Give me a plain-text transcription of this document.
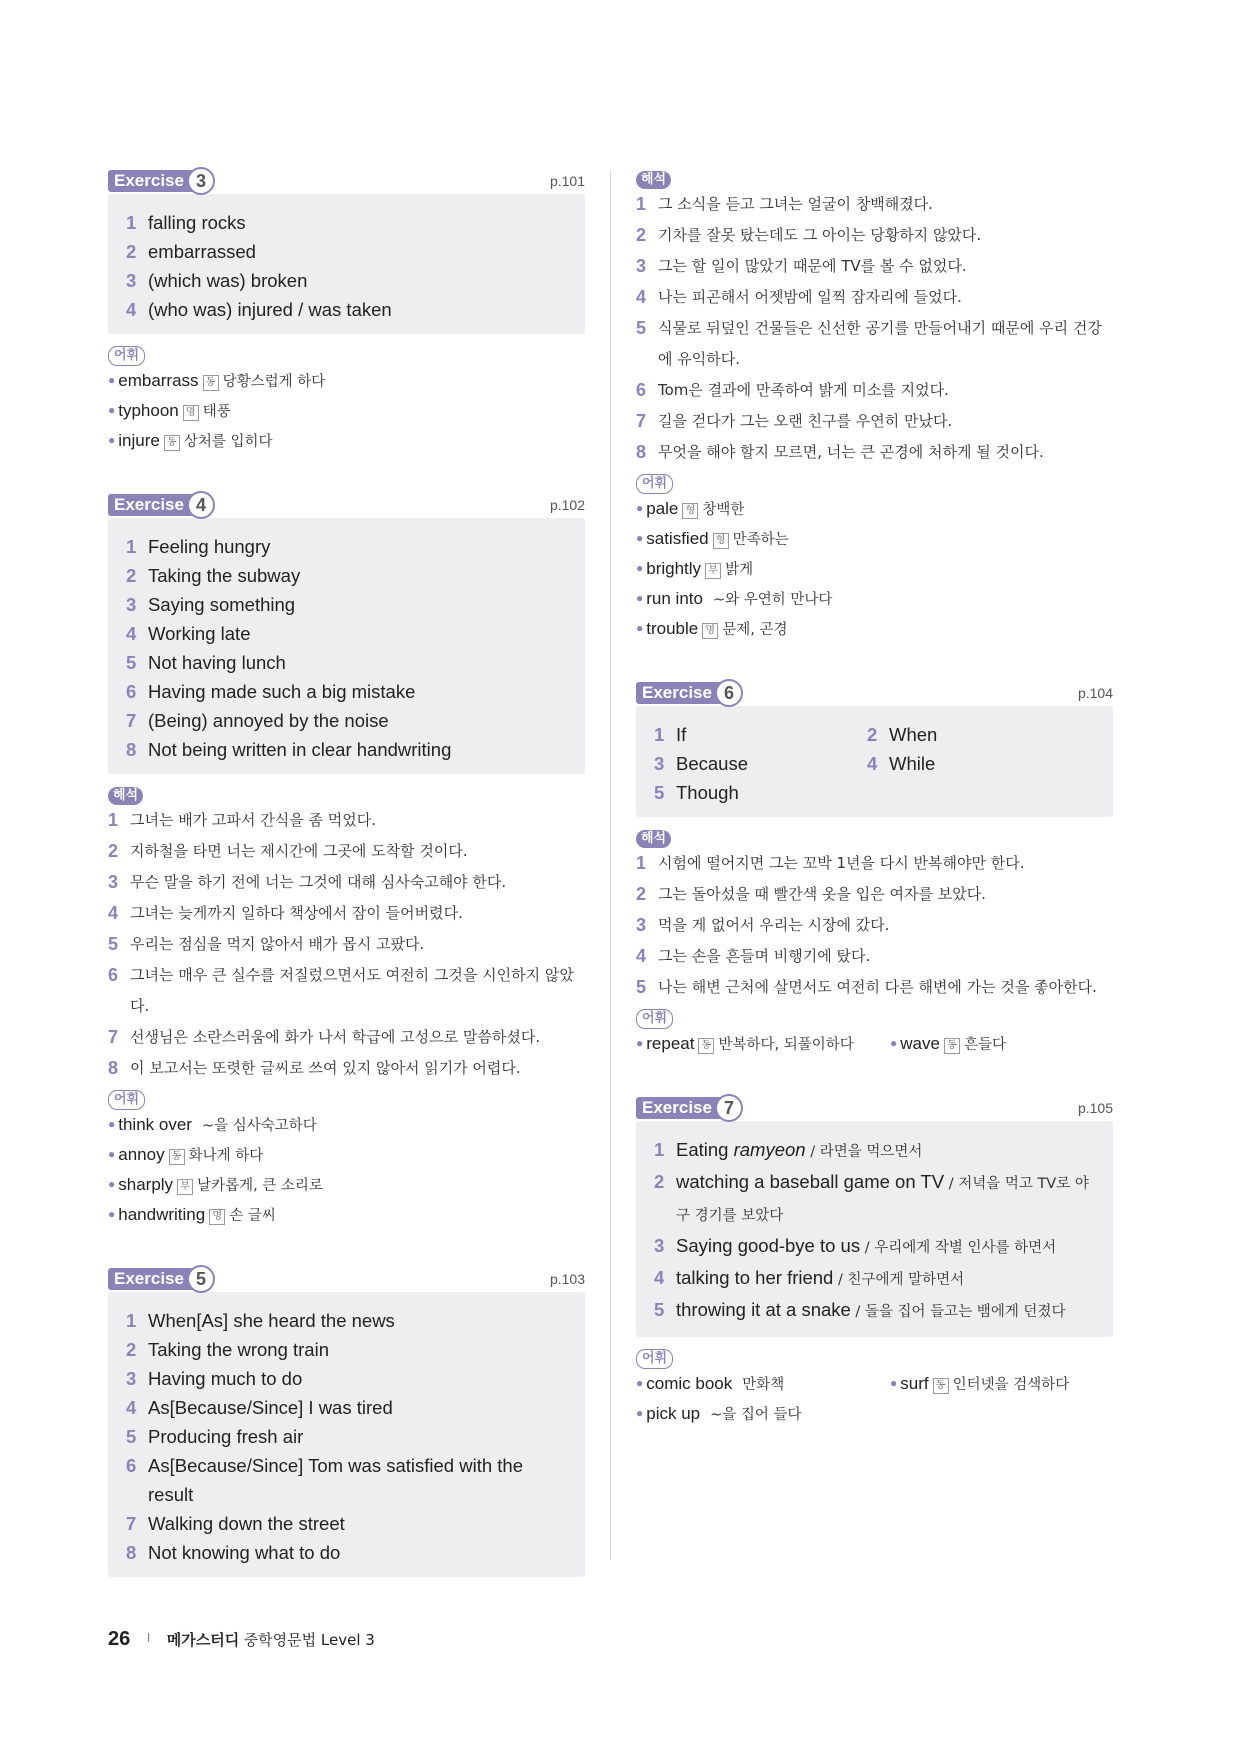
Exercise 3	p.101
1 falling rocks
2 embarrassed
3 (which was) broken
4 (who was) injured / was taken
어휘
● embarrass 동 당황스럽게 하다
● typhoon 명 태풍
● injure 동 상처를 입히다
Exercise 4	p.102
1 Feeling hungry
2 Taking the subway
3 Saying something
4 Working late
5 Not having lunch
6 Having made such a big mistake
7 (Being) annoyed by the noise
8 Not being written in clear handwriting
해석
1 그녀는 배가 고파서 간식을 좀 먹었다.
2 지하철을 타면 너는 제시간에 그곳에 도착할 것이다.
3 무슨 말을 하기 전에 너는 그것에 대해 심사숙고해야 한다.
4 그녀는 늦게까지 일하다 책상에서 잠이 들어버렸다.
5 우리는 점심을 먹지 않아서 배가 몹시 고팠다.
6 그녀는 매우 큰 실수를 저질렀으면서도 여전히 그것을 시인하지 않았다.
7 선생님은 소란스러움에 화가 나서 학급에 고성으로 말씀하셨다.
8 이 보고서는 또렷한 글씨로 쓰여 있지 않아서 읽기가 어렵다.
어휘
● think over ~을 심사숙고하다
● annoy 동 화나게 하다
● sharply 부 날카롭게, 큰 소리로
● handwriting 명 손 글씨
Exercise 5	p.103
1 When[As] she heard the news
2 Taking the wrong train
3 Having much to do
4 As[Because/Since] I was tired
5 Producing fresh air
6 As[Because/Since] Tom was satisfied with the result
7 Walking down the street
8 Not knowing what to do
해석
1 그 소식을 듣고 그녀는 얼굴이 창백해졌다.
2 기차를 잘못 탔는데도 그 아이는 당황하지 않았다.
3 그는 할 일이 많았기 때문에 TV를 볼 수 없었다.
4 나는 피곤해서 어젯밤에 일찍 잠자리에 들었다.
5 식물로 뒤덮인 건물들은 신선한 공기를 만들어내기 때문에 우리 건강에 유익하다.
6 Tom은 결과에 만족하여 밝게 미소를 지었다.
7 길을 걷다가 그는 오랜 친구를 우연히 만났다.
8 무엇을 해야 할지 모르면, 너는 큰 곤경에 처하게 될 것이다.
어휘
● pale 형 창백한
● satisfied 형 만족하는
● brightly 부 밝게
● run into ~와 우연히 만나다
● trouble 명 문제, 곤경
Exercise 6	p.104
1 If	2 When
3 Because	4 While
5 Though
해석
1 시험에 떨어지면 그는 꼬박 1년을 다시 반복해야만 한다.
2 그는 돌아섰을 때 빨간색 옷을 입은 여자를 보았다.
3 먹을 게 없어서 우리는 시장에 갔다.
4 그는 손을 흔들며 비행기에 탔다.
5 나는 해변 근처에 살면서도 여전히 다른 해변에 가는 것을 좋아한다.
어휘
● repeat 동 반복하다, 되풀이하다	● wave 동 흔들다
Exercise 7	p.105
1 Eating ramyeon / 라면을 먹으면서
2 watching a baseball game on TV / 저녁을 먹고 TV로 야구 경기를 보았다
3 Saying good-bye to us / 우리에게 작별 인사를 하면서
4 talking to her friend / 친구에게 말하면서
5 throwing it at a snake / 돌을 집어 들고는 뱀에게 던졌다
어휘
● comic book 만화책	● surf 동 인터넷을 검색하다
● pick up ~을 집어 들다
26 I 메가스터디 중학영문법 Level 3
